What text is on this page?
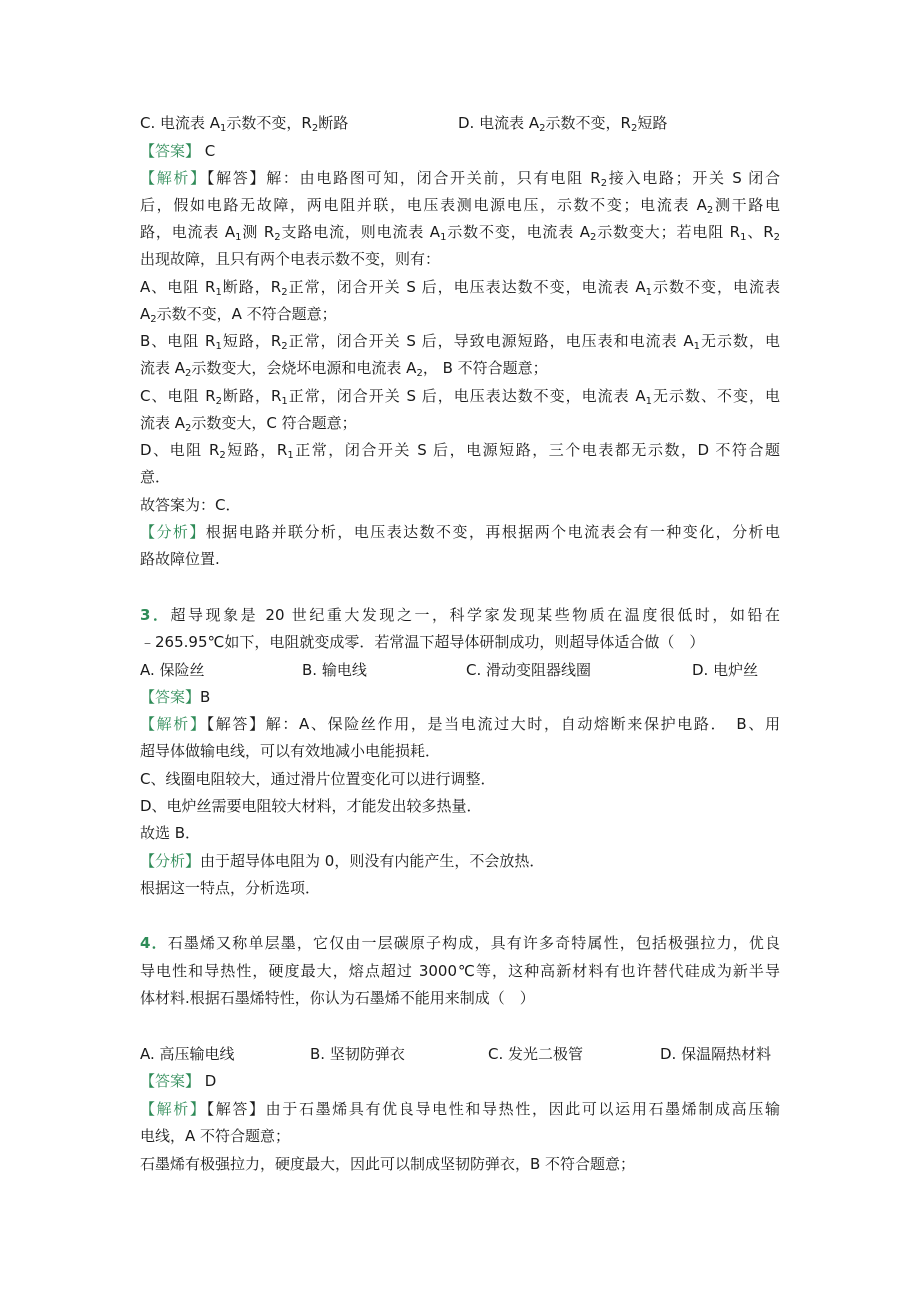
C. 电流表 $A_1$示数不变，$R_2$断路	D. 电流表 $A_2$示数不变，$R_2$短路
【答案】 C
【解析】【解答】解：由电路图可知，闭合开关前，只有电阻 $R_2$接入电路；开关 S 闭合
后，假如电路无故障，两电阻并联，电压表测电源电压，示数不变；电流表 $A_2$测干路电
路，电流表 $A_1$测 $R_2$支路电流，则电流表 $A_1$示数不变，电流表 $A_2$示数变大；若电阻 $R_1$、$R_2$
出现故障，且只有两个电表示数不变，则有：
A、电阻 $R_1$断路，$R_2$正常，闭合开关 S 后，电压表达数不变，电流表 $A_1$示数不变，电流表
$A_2$示数不变，A 不符合题意；
B、电阻 $R_1$短路，$R_2$正常，闭合开关 S 后，导致电源短路，电压表和电流表 $A_1$无示数，电
流表 $A_2$示数变大，会烧坏电源和电流表 $A_2$， B 不符合题意；
C、电阻 $R_2$断路，$R_1$正常，闭合开关 S 后，电压表达数不变，电流表 $A_1$无示数、不变，电
流表 $A_2$示数变大，C 符合题意；
D、电阻 $R_2$短路，$R_1$正常，闭合开关 S 后，电源短路，三个电表都无示数，D 不符合题
意．
故答案为：C．
【分析】根据电路并联分析，电压表达数不变，再根据两个电流表会有一种变化，分析电
路故障位置.
3．超导现象是 20 世纪重大发现之一，科学家发现某些物质在温度很低时，如铅在
﹣265.95℃如下，电阻就变成零．若常温下超导体研制成功，则超导体适合做（　）
A. 保险丝	B. 输电线	C. 滑动变阻器线圈	D. 电炉丝
【答案】B
【解析】【解答】解：A、保险丝作用，是当电流过大时，自动熔断来保护电路．　B、用
超导体做输电线，可以有效地减小电能损耗．
C、线圈电阻较大，通过滑片位置变化可以进行调整．
D、电炉丝需要电阻较大材料，才能发出较多热量．
故选 B．
【分析】由于超导体电阻为 0，则没有内能产生，不会放热．
根据这一特点，分析选项．
4．石墨烯又称单层墨，它仅由一层碳原子构成，具有许多奇特属性，包括极强拉力，优良
导电性和导热性，硬度最大，熔点超过 3000℃等，这种高新材料有也许替代硅成为新半导
体材料.根据石墨烯特性，你认为石墨烯不能用来制成（　）
A. 高压输电线	B. 坚韧防弹衣	C. 发光二极管	D. 保温隔热材料
【答案】 D
【解析】【解答】由于石墨烯具有优良导电性和导热性，因此可以运用石墨烯制成高压输
电线，A 不符合题意；
石墨烯有极强拉力，硬度最大，因此可以制成坚韧防弹衣，B 不符合题意；
